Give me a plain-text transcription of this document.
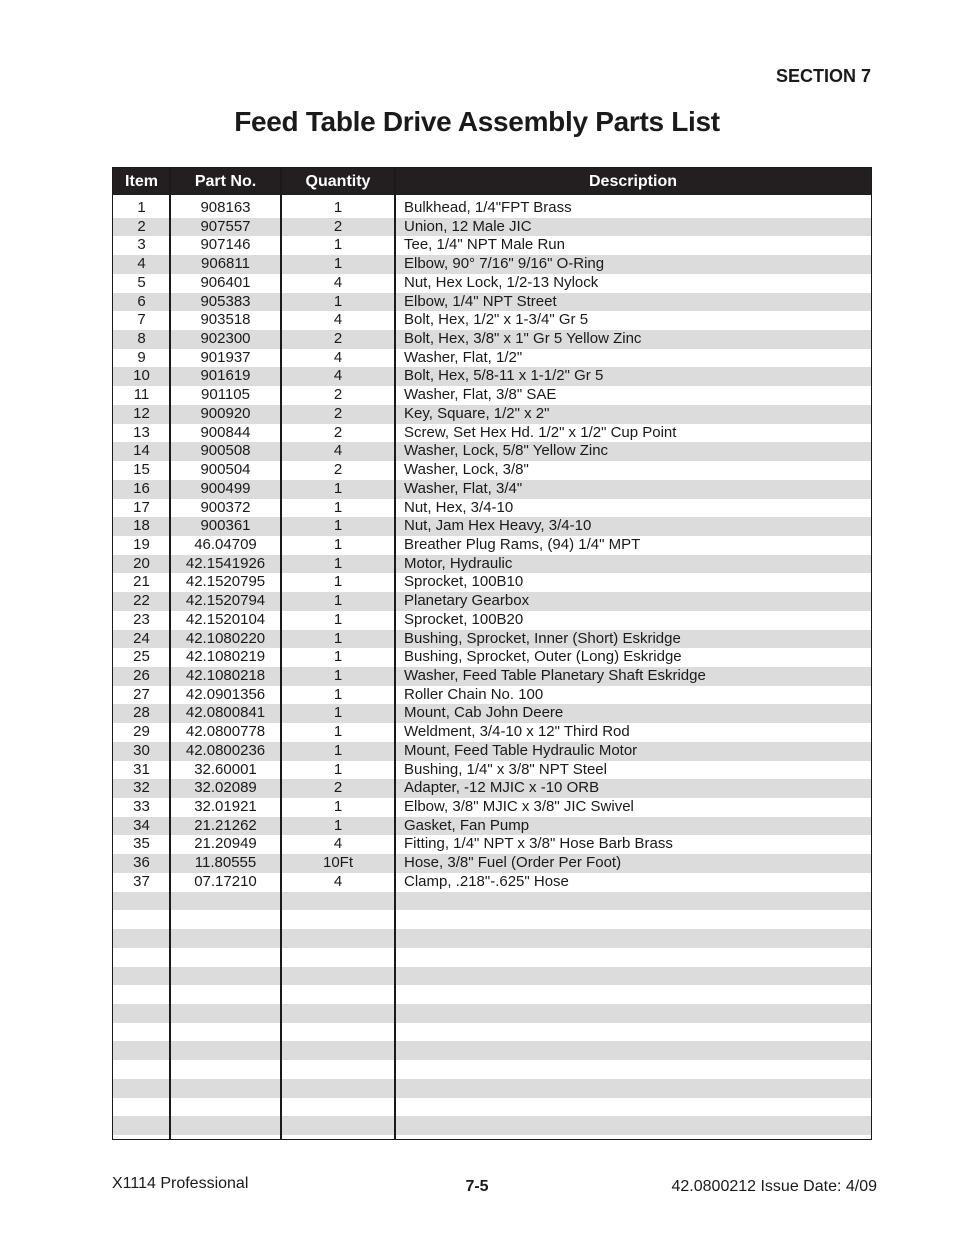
SECTION 7
Feed Table Drive Assembly Parts List
Item	Part No.	Quantity	Description
1	908163	1	Bulkhead, 1/4"FPT Brass
2	907557	2	Union, 12 Male JIC
3	907146	1	Tee, 1/4" NPT Male Run
4	906811	1	Elbow, 90° 7/16" 9/16" O-Ring
5	906401	4	Nut, Hex Lock, 1/2-13 Nylock
6	905383	1	Elbow, 1/4" NPT Street
7	903518	4	Bolt, Hex, 1/2" x 1-3/4" Gr 5
8	902300	2	Bolt, Hex, 3/8" x 1" Gr 5 Yellow Zinc
9	901937	4	Washer, Flat, 1/2"
10	901619	4	Bolt, Hex, 5/8-11 x 1-1/2" Gr 5
11	901105	2	Washer, Flat, 3/8" SAE
12	900920	2	Key, Square, 1/2" x 2"
13	900844	2	Screw, Set Hex Hd. 1/2" x 1/2" Cup Point
14	900508	4	Washer, Lock, 5/8" Yellow Zinc
15	900504	2	Washer, Lock, 3/8"
16	900499	1	Washer, Flat, 3/4"
17	900372	1	Nut, Hex, 3/4-10
18	900361	1	Nut, Jam Hex Heavy, 3/4-10
19	46.04709	1	Breather Plug Rams, (94) 1/4" MPT
20	42.1541926	1	Motor, Hydraulic
21	42.1520795	1	Sprocket, 100B10
22	42.1520794	1	Planetary Gearbox
23	42.1520104	1	Sprocket, 100B20
24	42.1080220	1	Bushing, Sprocket, Inner (Short) Eskridge
25	42.1080219	1	Bushing, Sprocket, Outer (Long) Eskridge
26	42.1080218	1	Washer, Feed Table Planetary Shaft Eskridge
27	42.0901356	1	Roller Chain No. 100
28	42.0800841	1	Mount, Cab John Deere
29	42.0800778	1	Weldment, 3/4-10 x 12" Third Rod
30	42.0800236	1	Mount, Feed Table Hydraulic Motor
31	32.60001	1	Bushing, 1/4" x 3/8" NPT Steel
32	32.02089	2	Adapter, -12 MJIC x -10 ORB
33	32.01921	1	Elbow, 3/8" MJIC x 3/8" JIC Swivel
34	21.21262	1	Gasket, Fan Pump
35	21.20949	4	Fitting, 1/4" NPT x 3/8" Hose Barb Brass
36	11.80555	10Ft	Hose, 3/8" Fuel (Order Per Foot)
37	07.17210	4	Clamp, .218"-.625" Hose
X1114 Professional	7-5	42.0800212 Issue Date: 4/09
